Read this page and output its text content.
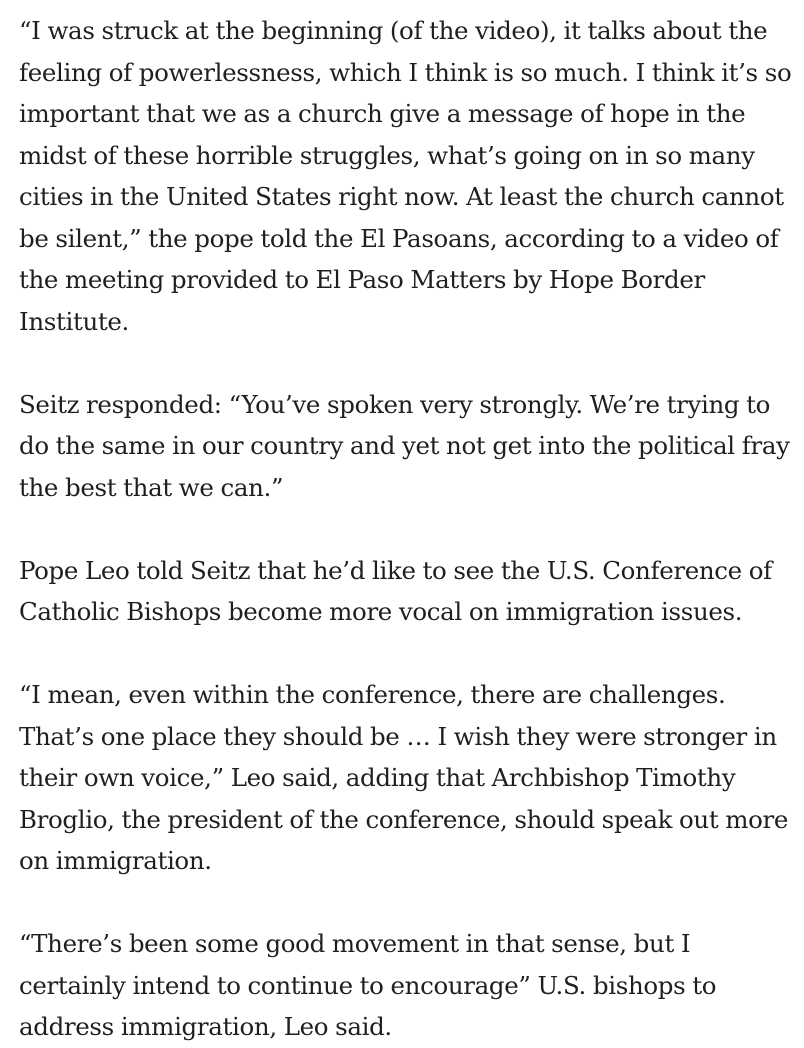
“I was struck at the beginning (of the video), it talks about the feeling of powerlessness, which I think is so much. I think it’s so important that we as a church give a message of hope in the midst of these horrible struggles, what’s going on in so many cities in the United States right now. At least the church cannot be silent,” the pope told the El Pasoans, according to a video of the meeting provided to El Paso Matters by Hope Border Institute.

Seitz responded: “You’ve spoken very strongly. We’re trying to do the same in our country and yet not get into the political fray the best that we can.”

Pope Leo told Seitz that he’d like to see the U.S. Conference of Catholic Bishops become more vocal on immigration issues.

“I mean, even within the conference, there are challenges. That’s one place they should be … I wish they were stronger in their own voice,” Leo said, adding that Archbishop Timothy Broglio, the president of the conference, should speak out more on immigration.

“There’s been some good movement in that sense, but I certainly intend to continue to encourage” U.S. bishops to address immigration, Leo said.
